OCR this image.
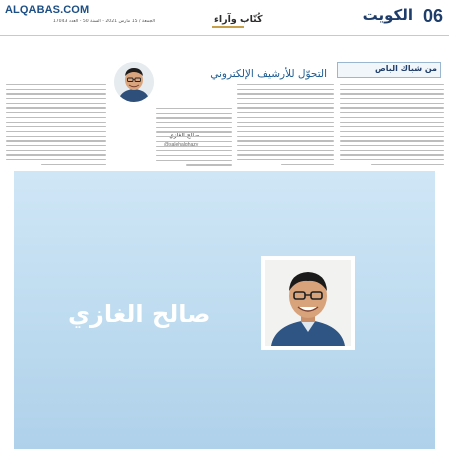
ALQABAS.COM
الجمعة / 15 مارس 2021 - السنة 50 - العدد 17043	كُتّاب وآراء	الكويت 06
من شباك الباص
التحوّل للأرشيف الإلكتروني
صالح الغازي
